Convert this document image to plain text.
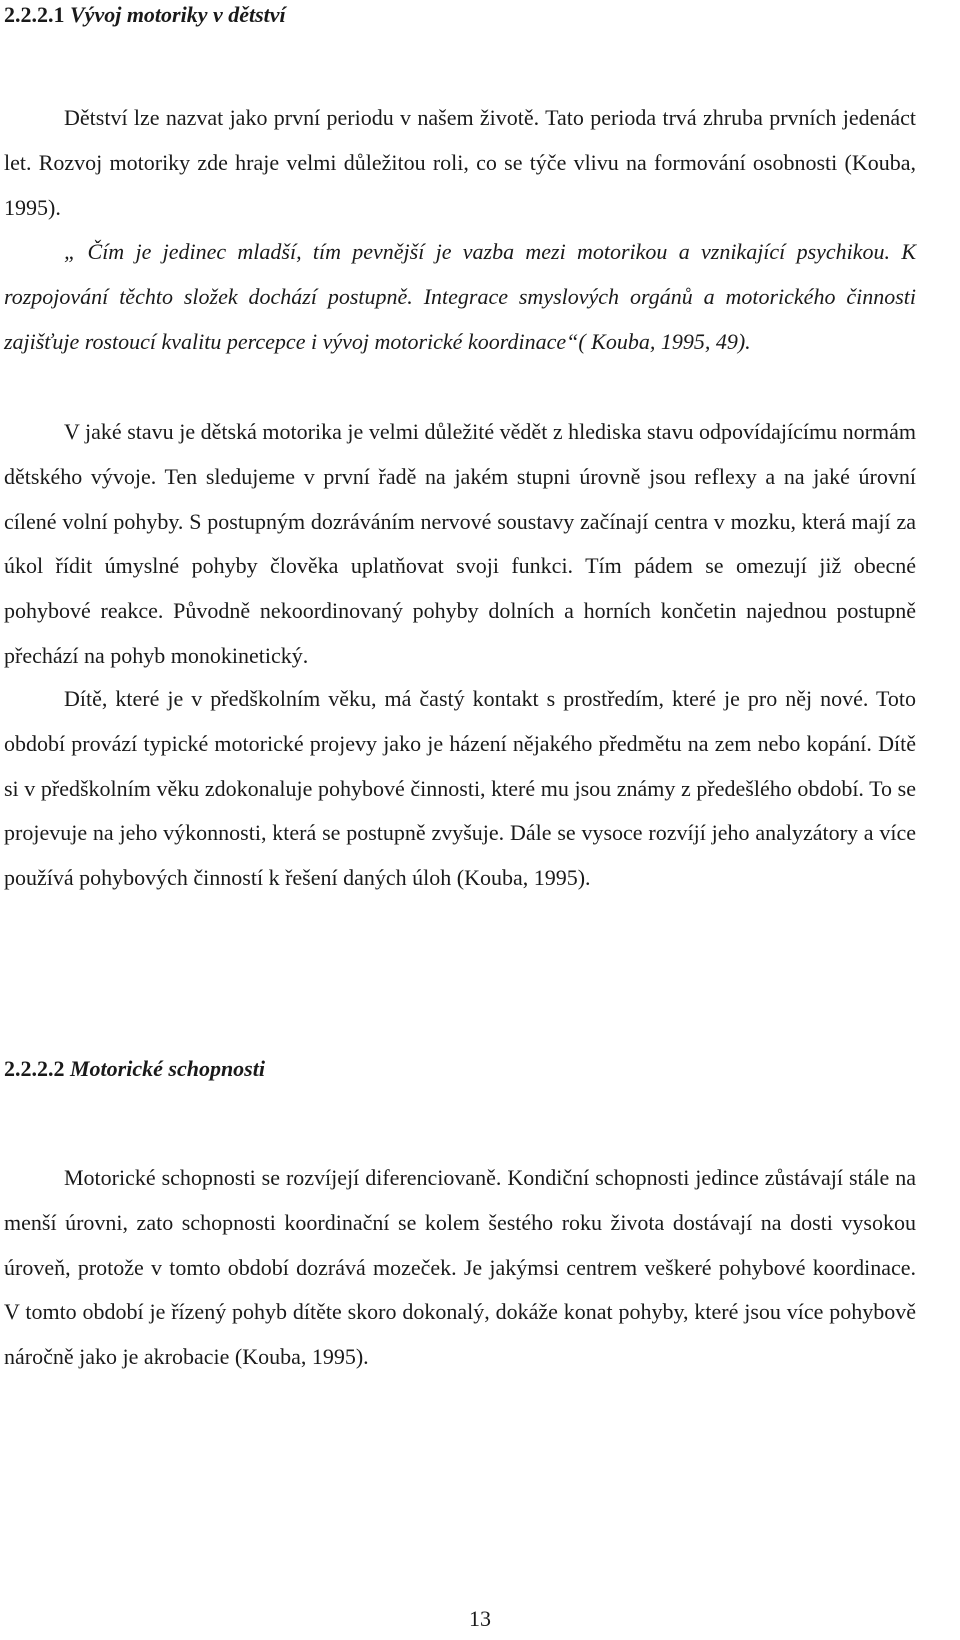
2.2.2.1 Vývoj motoriky v dětství

Dětství lze nazvat jako první periodu v našem životě. Tato perioda trvá zhruba prvních jedenáct let. Rozvoj motoriky zde hraje velmi důležitou roli, co se týče vlivu na formování osobnosti (Kouba, 1995).

„ Čím je jedinec mladší, tím pevnější je vazba mezi motorikou a vznikající psychikou. K rozpojování těchto složek dochází postupně. Integrace smyslových orgánů a motorického činnosti zajišťuje rostoucí kvalitu percepce i vývoj motorické koordinace“( Kouba, 1995, 49).

V jaké stavu je dětská motorika je velmi důležité vědět z hlediska stavu odpovídajícímu normám dětského vývoje. Ten sledujeme v první řadě na jakém stupni úrovně jsou reflexy a na jaké úrovní cílené volní pohyby. S postupným dozráváním nervové soustavy začínají centra v mozku, která mají za úkol řídit úmyslné pohyby člověka uplatňovat svoji funkci. Tím pádem se omezují již obecné pohybové reakce. Původně nekoordinovaný pohyby dolních a horních končetin najednou postupně přechází na pohyb monokinetický.

Dítě, které je v předškolním věku, má častý kontakt s prostředím, které je pro něj nové. Toto období provází typické motorické projevy jako je házení nějakého předmětu na zem nebo kopání. Dítě si v předškolním věku zdokonaluje pohybové činnosti, které mu jsou známy z předešlého období. To se projevuje na jeho výkonnosti, která se postupně zvyšuje. Dále se vysoce rozvíjí jeho analyzátory a více používá pohybových činností k řešení daných úloh (Kouba, 1995).

2.2.2.2 Motorické schopnosti

Motorické schopnosti se rozvíjejí diferenciovaně. Kondiční schopnosti jedince zůstávají stále na menší úrovni, zato schopnosti koordinační se kolem šestého roku života dostávají na dosti vysokou úroveň, protože v tomto období dozrává mozeček. Je jakýmsi centrem veškeré pohybové koordinace. V tomto období je řízený pohyb dítěte skoro dokonalý, dokáže konat pohyby, které jsou více pohybově náročně jako je akrobacie (Kouba, 1995).

13
